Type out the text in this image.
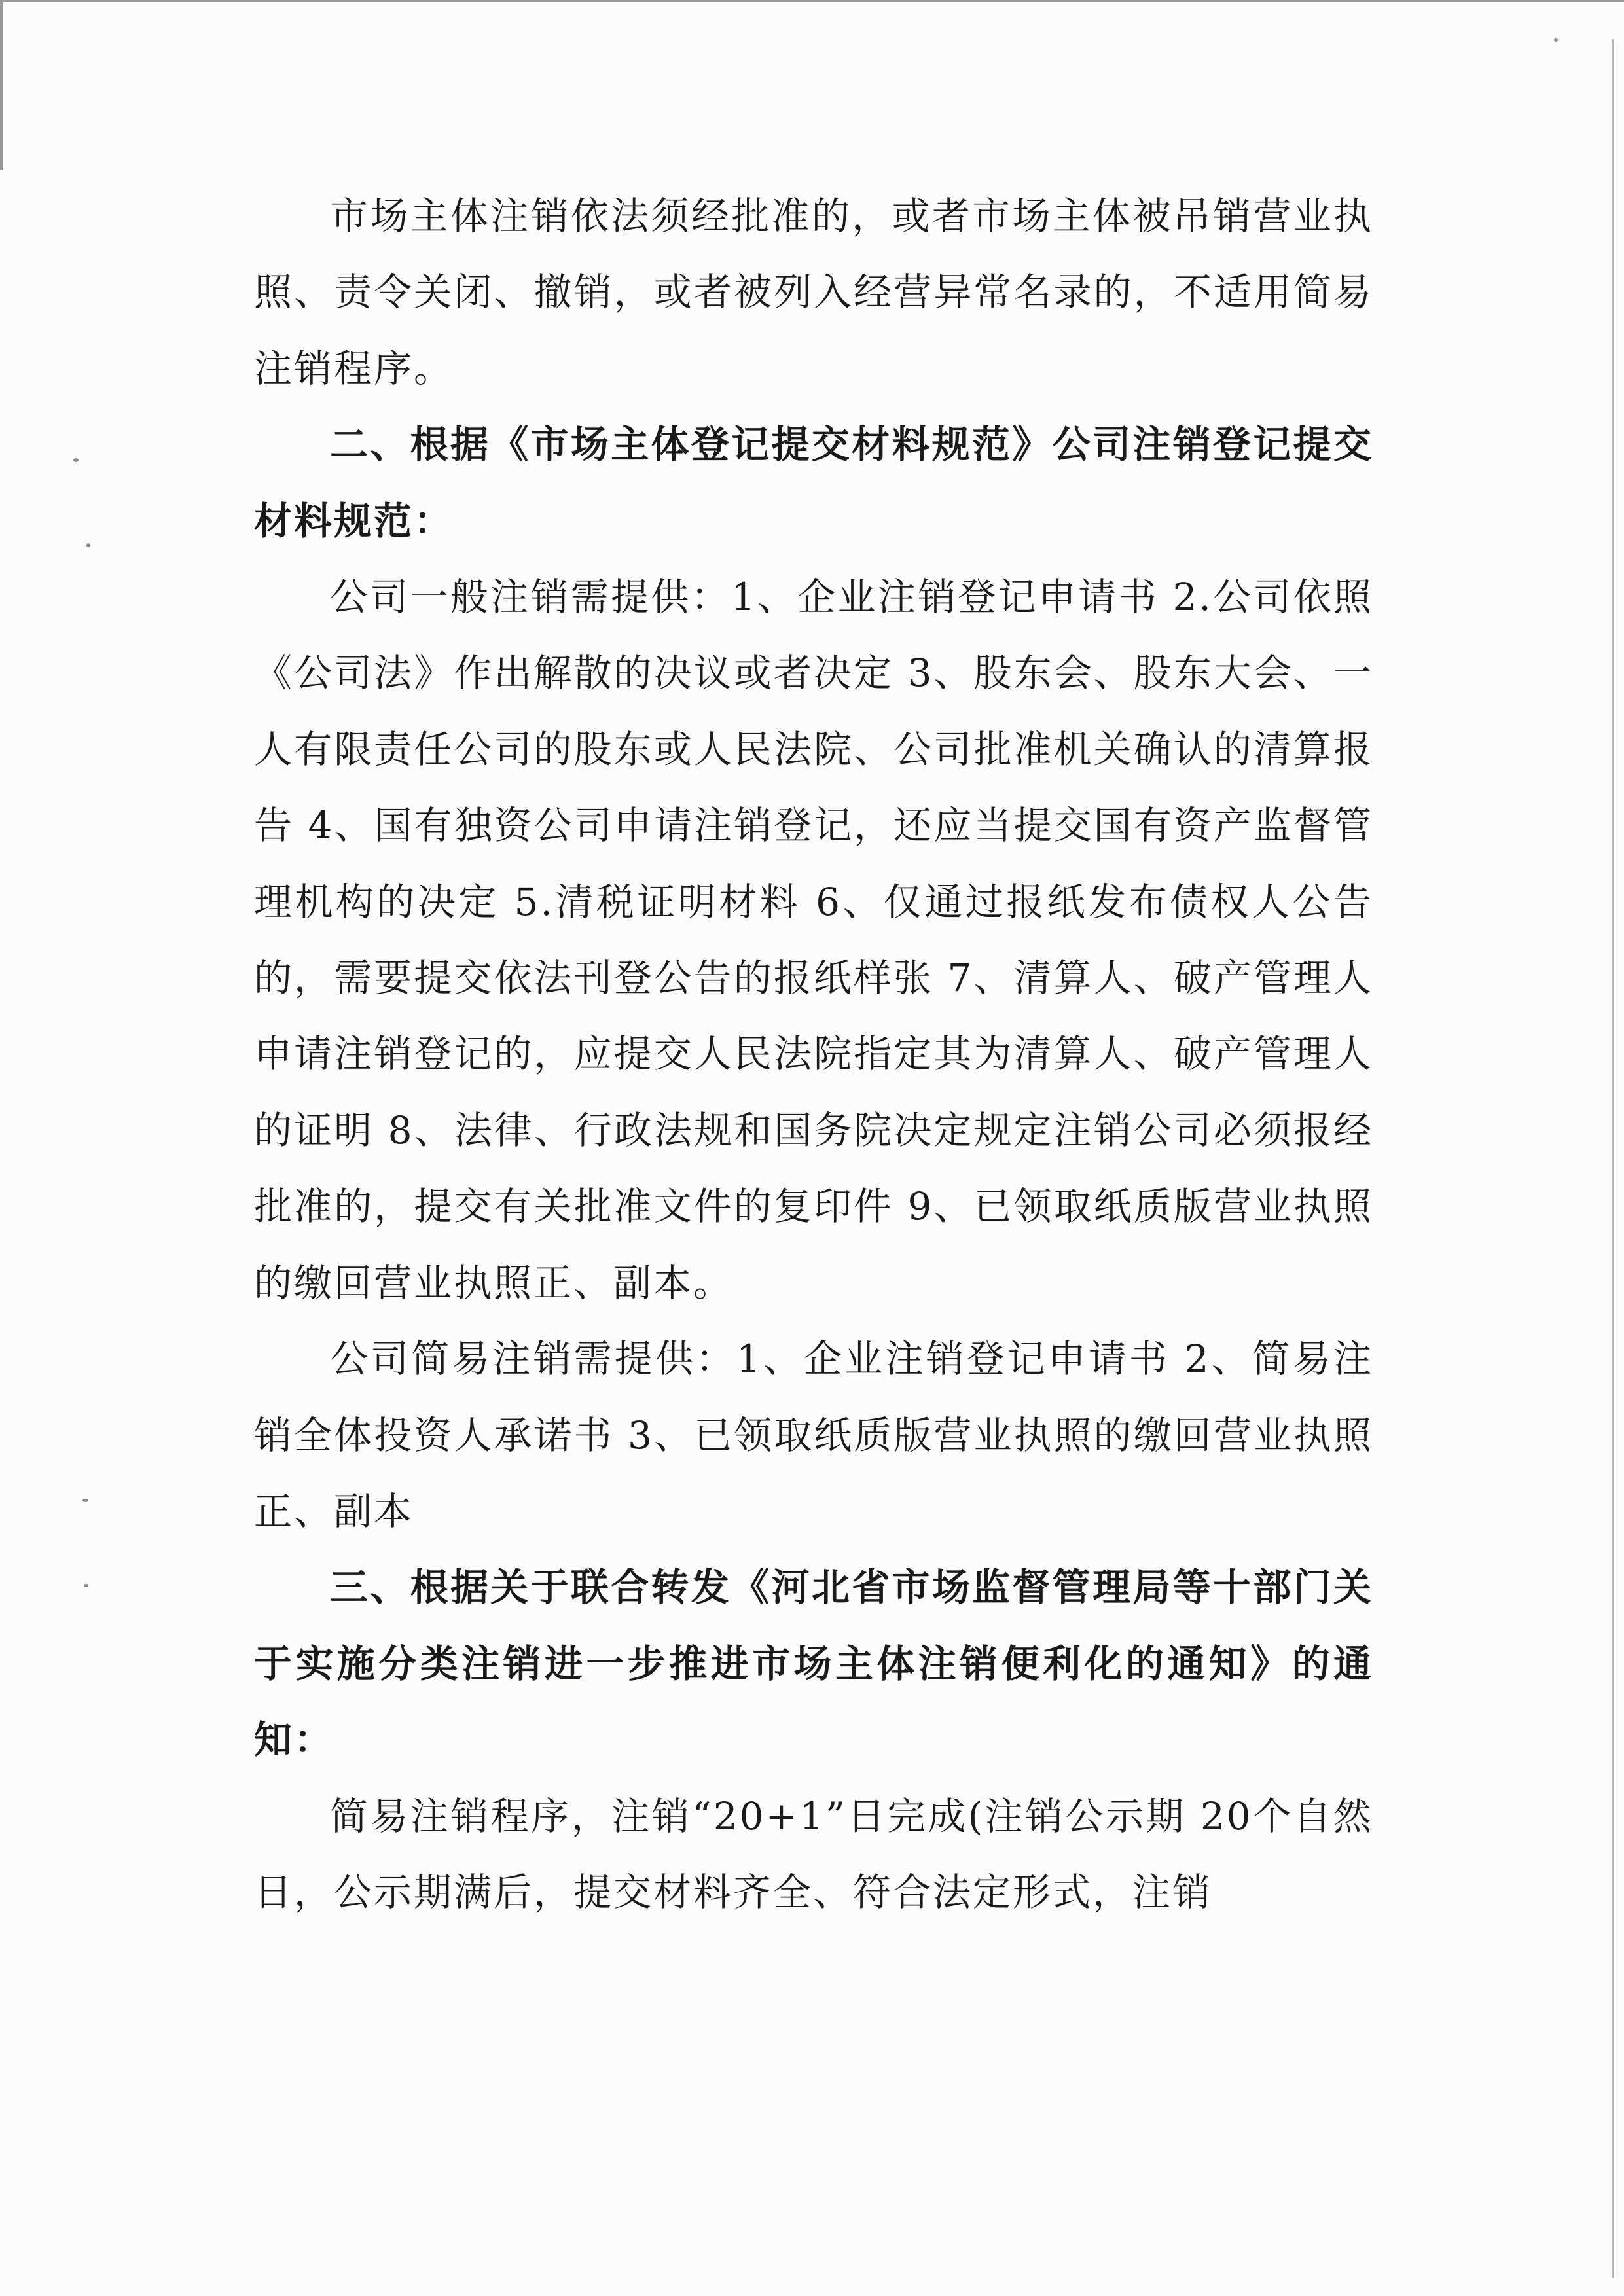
市场主体注销依法须经批准的，或者市场主体被吊销营业执照、责令关闭、撤销，或者被列入经营异常名录的，不适用简易注销程序。

二、根据《市场主体登记提交材料规范》公司注销登记提交材料规范：

公司一般注销需提供：1、企业注销登记申请书 2.公司依照《公司法》作出解散的决议或者决定 3、股东会、股东大会、一人有限责任公司的股东或人民法院、公司批准机关确认的清算报告 4、国有独资公司申请注销登记，还应当提交国有资产监督管理机构的决定 5.清税证明材料 6、仅通过报纸发布债权人公告的，需要提交依法刊登公告的报纸样张 7、清算人、破产管理人申请注销登记的，应提交人民法院指定其为清算人、破产管理人的证明 8、法律、行政法规和国务院决定规定注销公司必须报经批准的，提交有关批准文件的复印件 9、已领取纸质版营业执照的缴回营业执照正、副本。

公司简易注销需提供：1、企业注销登记申请书 2、简易注销全体投资人承诺书 3、已领取纸质版营业执照的缴回营业执照正、副本

三、根据关于联合转发《河北省市场监督管理局等十部门关于实施分类注销进一步推进市场主体注销便利化的通知》的通知：

简易注销程序，注销“20+1”日完成(注销公示期 20个自然日，公示期满后，提交材料齐全、符合法定形式，注销
